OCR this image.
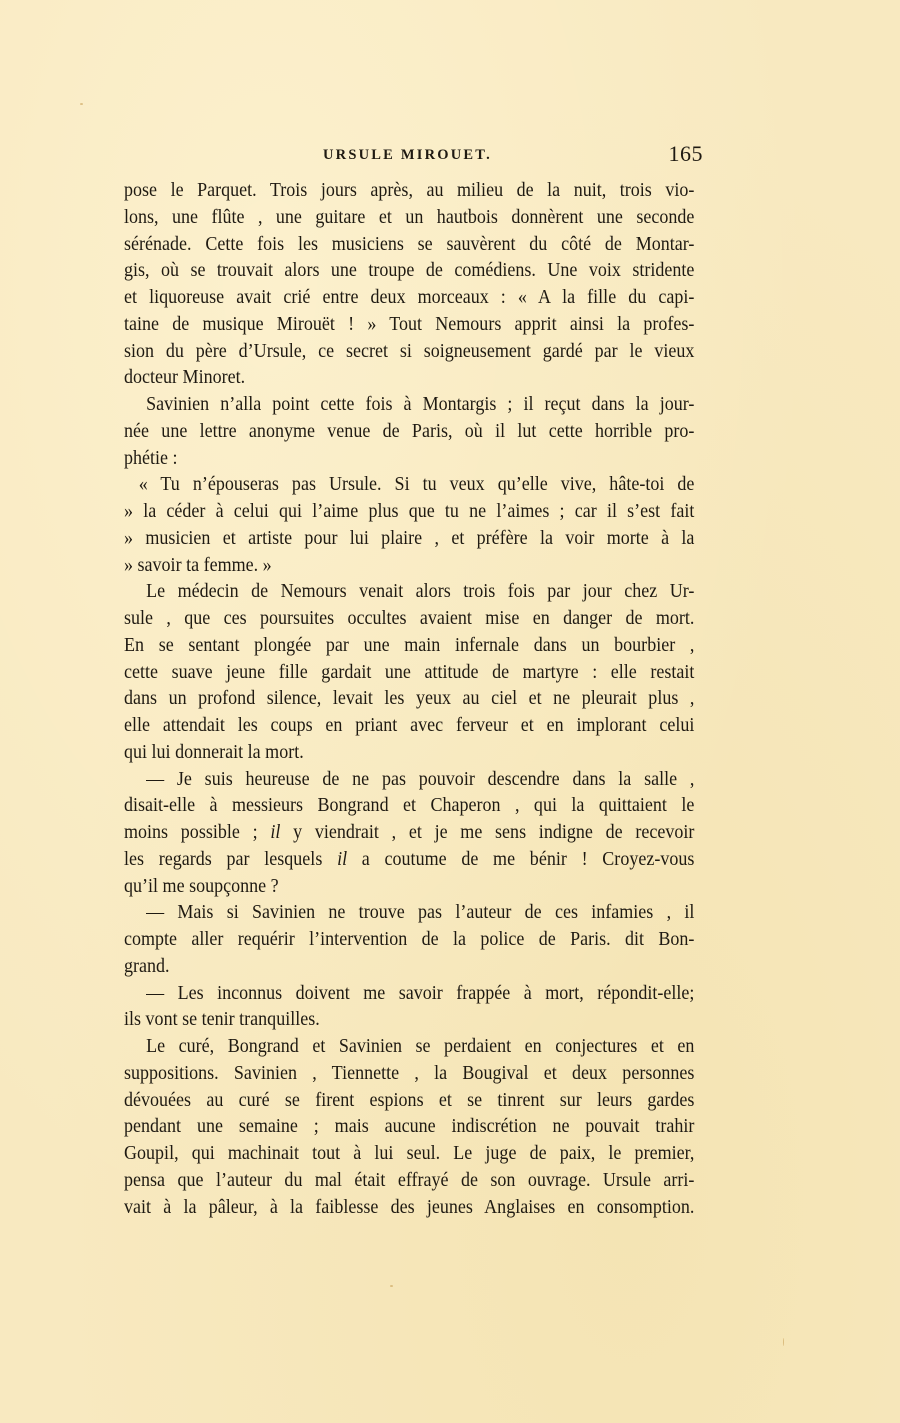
URSULE MIROUET.	165
pose le Parquet. Trois jours après, au milieu de la nuit, trois vio-
lons, une flûte , une guitare et un hautbois donnèrent une seconde
sérénade. Cette fois les musiciens se sauvèrent du côté de Montar-
gis, où se trouvait alors une troupe de comédiens. Une voix stridente
et liquoreuse avait crié entre deux morceaux : « A la fille du capi-
taine de musique Mirouët ! » Tout Nemours apprit ainsi la profes-
sion du père d’Ursule, ce secret si soigneusement gardé par le vieux
docteur Minoret.
Savinien n’alla point cette fois à Montargis ; il reçut dans la jour-
née une lettre anonyme venue de Paris, où il lut cette horrible pro-
phétie :
« Tu n’épouseras pas Ursule. Si tu veux qu’elle vive, hâte-toi de
» la céder à celui qui l’aime plus que tu ne l’aimes ; car il s’est fait
» musicien et artiste pour lui plaire , et préfère la voir morte à la
» savoir ta femme. »
Le médecin de Nemours venait alors trois fois par jour chez Ur-
sule , que ces poursuites occultes avaient mise en danger de mort.
En se sentant plongée par une main infernale dans un bourbier ,
cette suave jeune fille gardait une attitude de martyre : elle restait
dans un profond silence, levait les yeux au ciel et ne pleurait plus ,
elle attendait les coups en priant avec ferveur et en implorant celui
qui lui donnerait la mort.
— Je suis heureuse de ne pas pouvoir descendre dans la salle ,
disait-elle à messieurs Bongrand et Chaperon , qui la quittaient le
moins possible ; il y viendrait , et je me sens indigne de recevoir
les regards par lesquels il a coutume de me bénir ! Croyez-vous
qu’il me soupçonne ?
— Mais si Savinien ne trouve pas l’auteur de ces infamies , il
compte aller requérir l’intervention de la police de Paris. dit Bon-
grand.
— Les inconnus doivent me savoir frappée à mort, répondit-elle;
ils vont se tenir tranquilles.
Le curé, Bongrand et Savinien se perdaient en conjectures et en
suppositions. Savinien , Tiennette , la Bougival et deux personnes
dévouées au curé se firent espions et se tinrent sur leurs gardes
pendant une semaine ; mais aucune indiscrétion ne pouvait trahir
Goupil, qui machinait tout à lui seul. Le juge de paix, le premier,
pensa que l’auteur du mal était effrayé de son ouvrage. Ursule arri-
vait à la pâleur, à la faiblesse des jeunes Anglaises en consomption.
